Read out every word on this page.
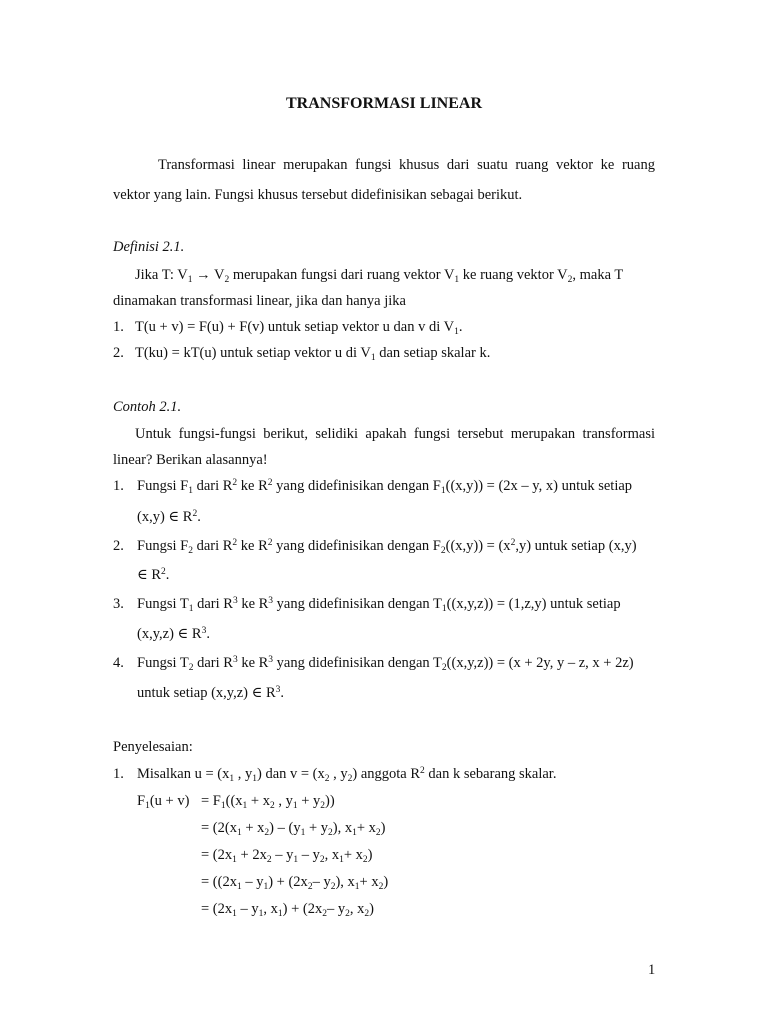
TRANSFORMASI LINEAR
Transformasi linear merupakan fungsi khusus dari suatu ruang vektor ke ruang
vektor yang lain. Fungsi khusus tersebut didefinisikan sebagai berikut.
Definisi 2.1.
Jika T: $V_1 \to V_2$ merupakan fungsi dari ruang vektor $V_1$ ke ruang vektor $V_2$, maka T
dinamakan transformasi linear, jika dan hanya jika
1. T(u + v) = F(u) + F(v) untuk setiap vektor u dan v di $V_1$.
2. T(ku) = kT(u) untuk setiap vektor u di $V_1$ dan setiap skalar k.
Contoh 2.1.
Untuk fungsi-fungsi berikut, selidiki apakah fungsi tersebut merupakan transformasi
linear? Berikan alasannya!
1. Fungsi $F_1$ dari $R^2$ ke $R^2$ yang didefinisikan dengan $F_1((x,y)) = (2x - y$, x) untuk setiap
(x,y) ∈ $R^2$.
2. Fungsi $F_2$ dari $R^2$ ke $R^2$ yang didefinisikan dengan $F_2((x,y)) = (x^2,y)$ untuk setiap (x,y)
∈ $R^2$.
3. Fungsi $T_1$ dari $R^3$ ke $R^3$ yang didefinisikan dengan $T_1((x,y,z)) = (1,z,y)$ untuk setiap
(x,y,z) ∈ $R^3$.
4. Fungsi $T_2$ dari $R^3$ ke $R^3$ yang didefinisikan dengan $T_2((x,y,z)) = (x + 2y$, y – z, x + 2z)
untuk setiap (x,y,z) ∈ $R^3$.
Penyelesaian:
1. Misalkan $u = (x_1$ , $y_1$) dan $v = (x_2$ , $y_2$) anggota $R^2$ dan k sebarang skalar.
$F_1(u + v) = F_1((x_1 + x_2$ , $y_1 + y_2$))
= ($2(x_1 + x_2) - (y_1 + y_2)$, $x_1+ x_2$)
= ($2x_1 + 2x_2 - y_1 - y_2$, $x_1+ x_2$)
= ($(2x_1 - y_1) + (2x_2-$ $y_2$), $x_1+ x_2$)
= ($2x_1 - y_1$, $x_1) + (2x_2-$ $y_2$, $x_2$)
1
